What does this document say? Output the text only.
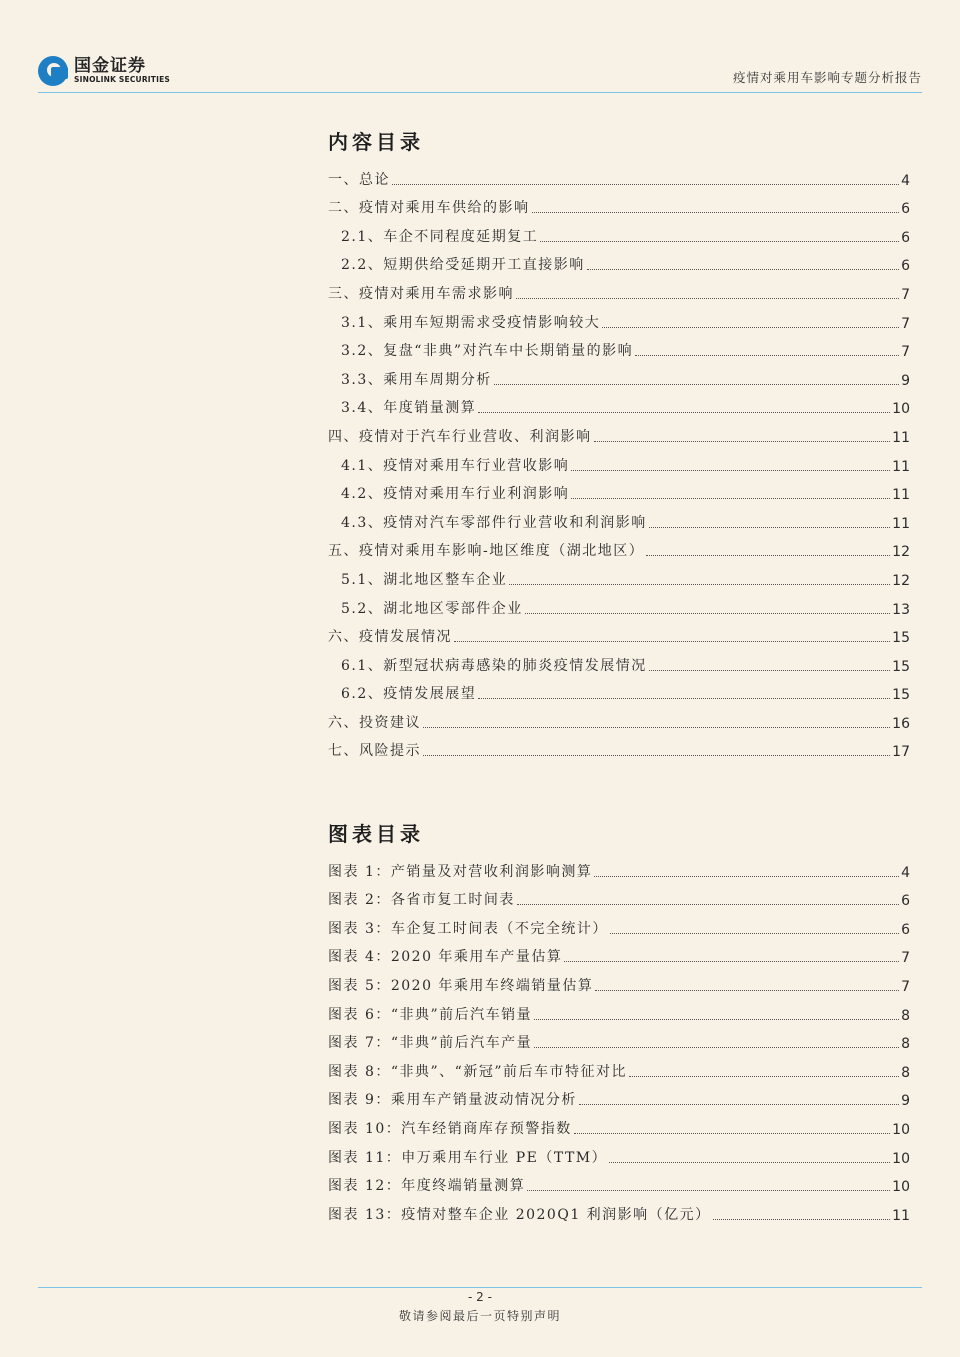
国金证券
SINOLINK SECURITIES	疫情对乘用车影响专题分析报告
内容目录
一、总论	4
二、疫情对乘用车供给的影响	6
2.1、车企不同程度延期复工	6
2.2、短期供给受延期开工直接影响	6
三、疫情对乘用车需求影响	7
3.1、乘用车短期需求受疫情影响较大	7
3.2、复盘“非典”对汽车中长期销量的影响	7
3.3、乘用车周期分析	9
3.4、年度销量测算	10
四、疫情对于汽车行业营收、利润影响	11
4.1、疫情对乘用车行业营收影响	11
4.2、疫情对乘用车行业利润影响	11
4.3、疫情对汽车零部件行业营收和利润影响	11
五、疫情对乘用车影响-地区维度（湖北地区）	12
5.1、湖北地区整车企业	12
5.2、湖北地区零部件企业	13
六、疫情发展情况	15
6.1、新型冠状病毒感染的肺炎疫情发展情况	15
6.2、疫情发展展望	15
六、投资建议	16
七、风险提示	17
图表目录
图表 1：产销量及对营收利润影响测算	4
图表 2：各省市复工时间表	6
图表 3：车企复工时间表（不完全统计）	6
图表 4：2020 年乘用车产量估算	7
图表 5：2020 年乘用车终端销量估算	7
图表 6：“非典”前后汽车销量	8
图表 7：“非典”前后汽车产量	8
图表 8：“非典”、“新冠”前后车市特征对比	8
图表 9：乘用车产销量波动情况分析	9
图表 10：汽车经销商库存预警指数	10
图表 11：申万乘用车行业 PE（TTM）	10
图表 12：年度终端销量测算	10
图表 13：疫情对整车企业 2020Q1 利润影响（亿元）	11
- 2 -
敬请参阅最后一页特别声明
